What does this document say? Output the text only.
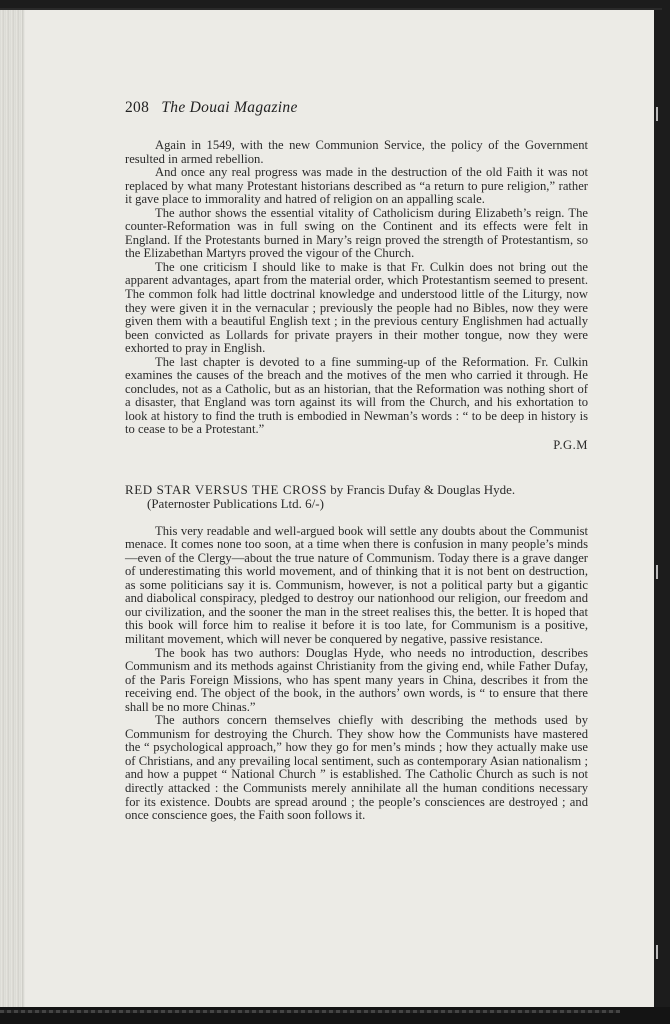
208 The Douai Magazine

Again in 1549, with the new Communion Service, the policy of the Government resulted in armed rebellion.

And once any real progress was made in the destruction of the old Faith it was not replaced by what many Protestant historians described as “a return to pure religion,” rather it gave place to immorality and hatred of religion on an appalling scale.

The author shows the essential vitality of Catholicism during Elizabeth’s reign. The counter-Reformation was in full swing on the Continent and its effects were felt in England. If the Protestants burned in Mary’s reign proved the strength of Protestantism, so the Elizabethan Martyrs proved the vigour of the Church.

The one criticism I should like to make is that Fr. Culkin does not bring out the apparent advantages, apart from the material order, which Protestantism seemed to present. The common folk had little doctrinal knowledge and understood little of the Liturgy, now they were given it in the vernacular ; previously the people had no Bibles, now they were given them with a beautiful English text ; in the previous century Englishmen had actually been convicted as Lollards for private prayers in their mother tongue, now they were exhorted to pray in English.

The last chapter is devoted to a fine summing-up of the Reformation. Fr. Culkin examines the causes of the breach and the motives of the men who carried it through. He concludes, not as a Catholic, but as an historian, that the Reformation was nothing short of a disaster, that England was torn against its will from the Church, and his exhortation to look at history to find the truth is embodied in Newman’s words : “ to be deep in history is to cease to be a Protestant.”

P.G.M

RED STAR VERSUS THE CROSS by Francis Dufay & Douglas Hyde.

(Paternoster Publications Ltd. 6/-)

This very readable and well-argued book will settle any doubts about the Communist menace. It comes none too soon, at a time when there is confusion in many people’s minds—even of the Clergy—about the true nature of Communism. Today there is a grave danger of underestimating this world movement, and of thinking that it is not bent on destruction, as some politicians say it is. Communism, however, is not a political party but a gigantic and diabolical conspiracy, pledged to destroy our nationhood our religion, our freedom and our civilization, and the sooner the man in the street realises this, the better. It is hoped that this book will force him to realise it before it is too late, for Communism is a positive, militant movement, which will never be conquered by negative, passive resistance.

The book has two authors: Douglas Hyde, who needs no introduction, describes Communism and its methods against Christianity from the giving end, while Father Dufay, of the Paris Foreign Missions, who has spent many years in China, describes it from the receiving end. The object of the book, in the authors’ own words, is “ to ensure that there shall be no more Chinas.”

The authors concern themselves chiefly with describing the methods used by Communism for destroying the Church. They show how the Communists have mastered the “ psychological approach,” how they go for men’s minds ; how they actually make use of Christians, and any prevailing local sentiment, such as contemporary Asian nationalism ; and how a puppet “ National Church ” is established. The Catholic Church as such is not directly attacked : the Communists merely annihilate all the human conditions necessary for its existence. Doubts are spread around ; the people’s consciences are destroyed ; and once conscience goes, the Faith soon follows it.
